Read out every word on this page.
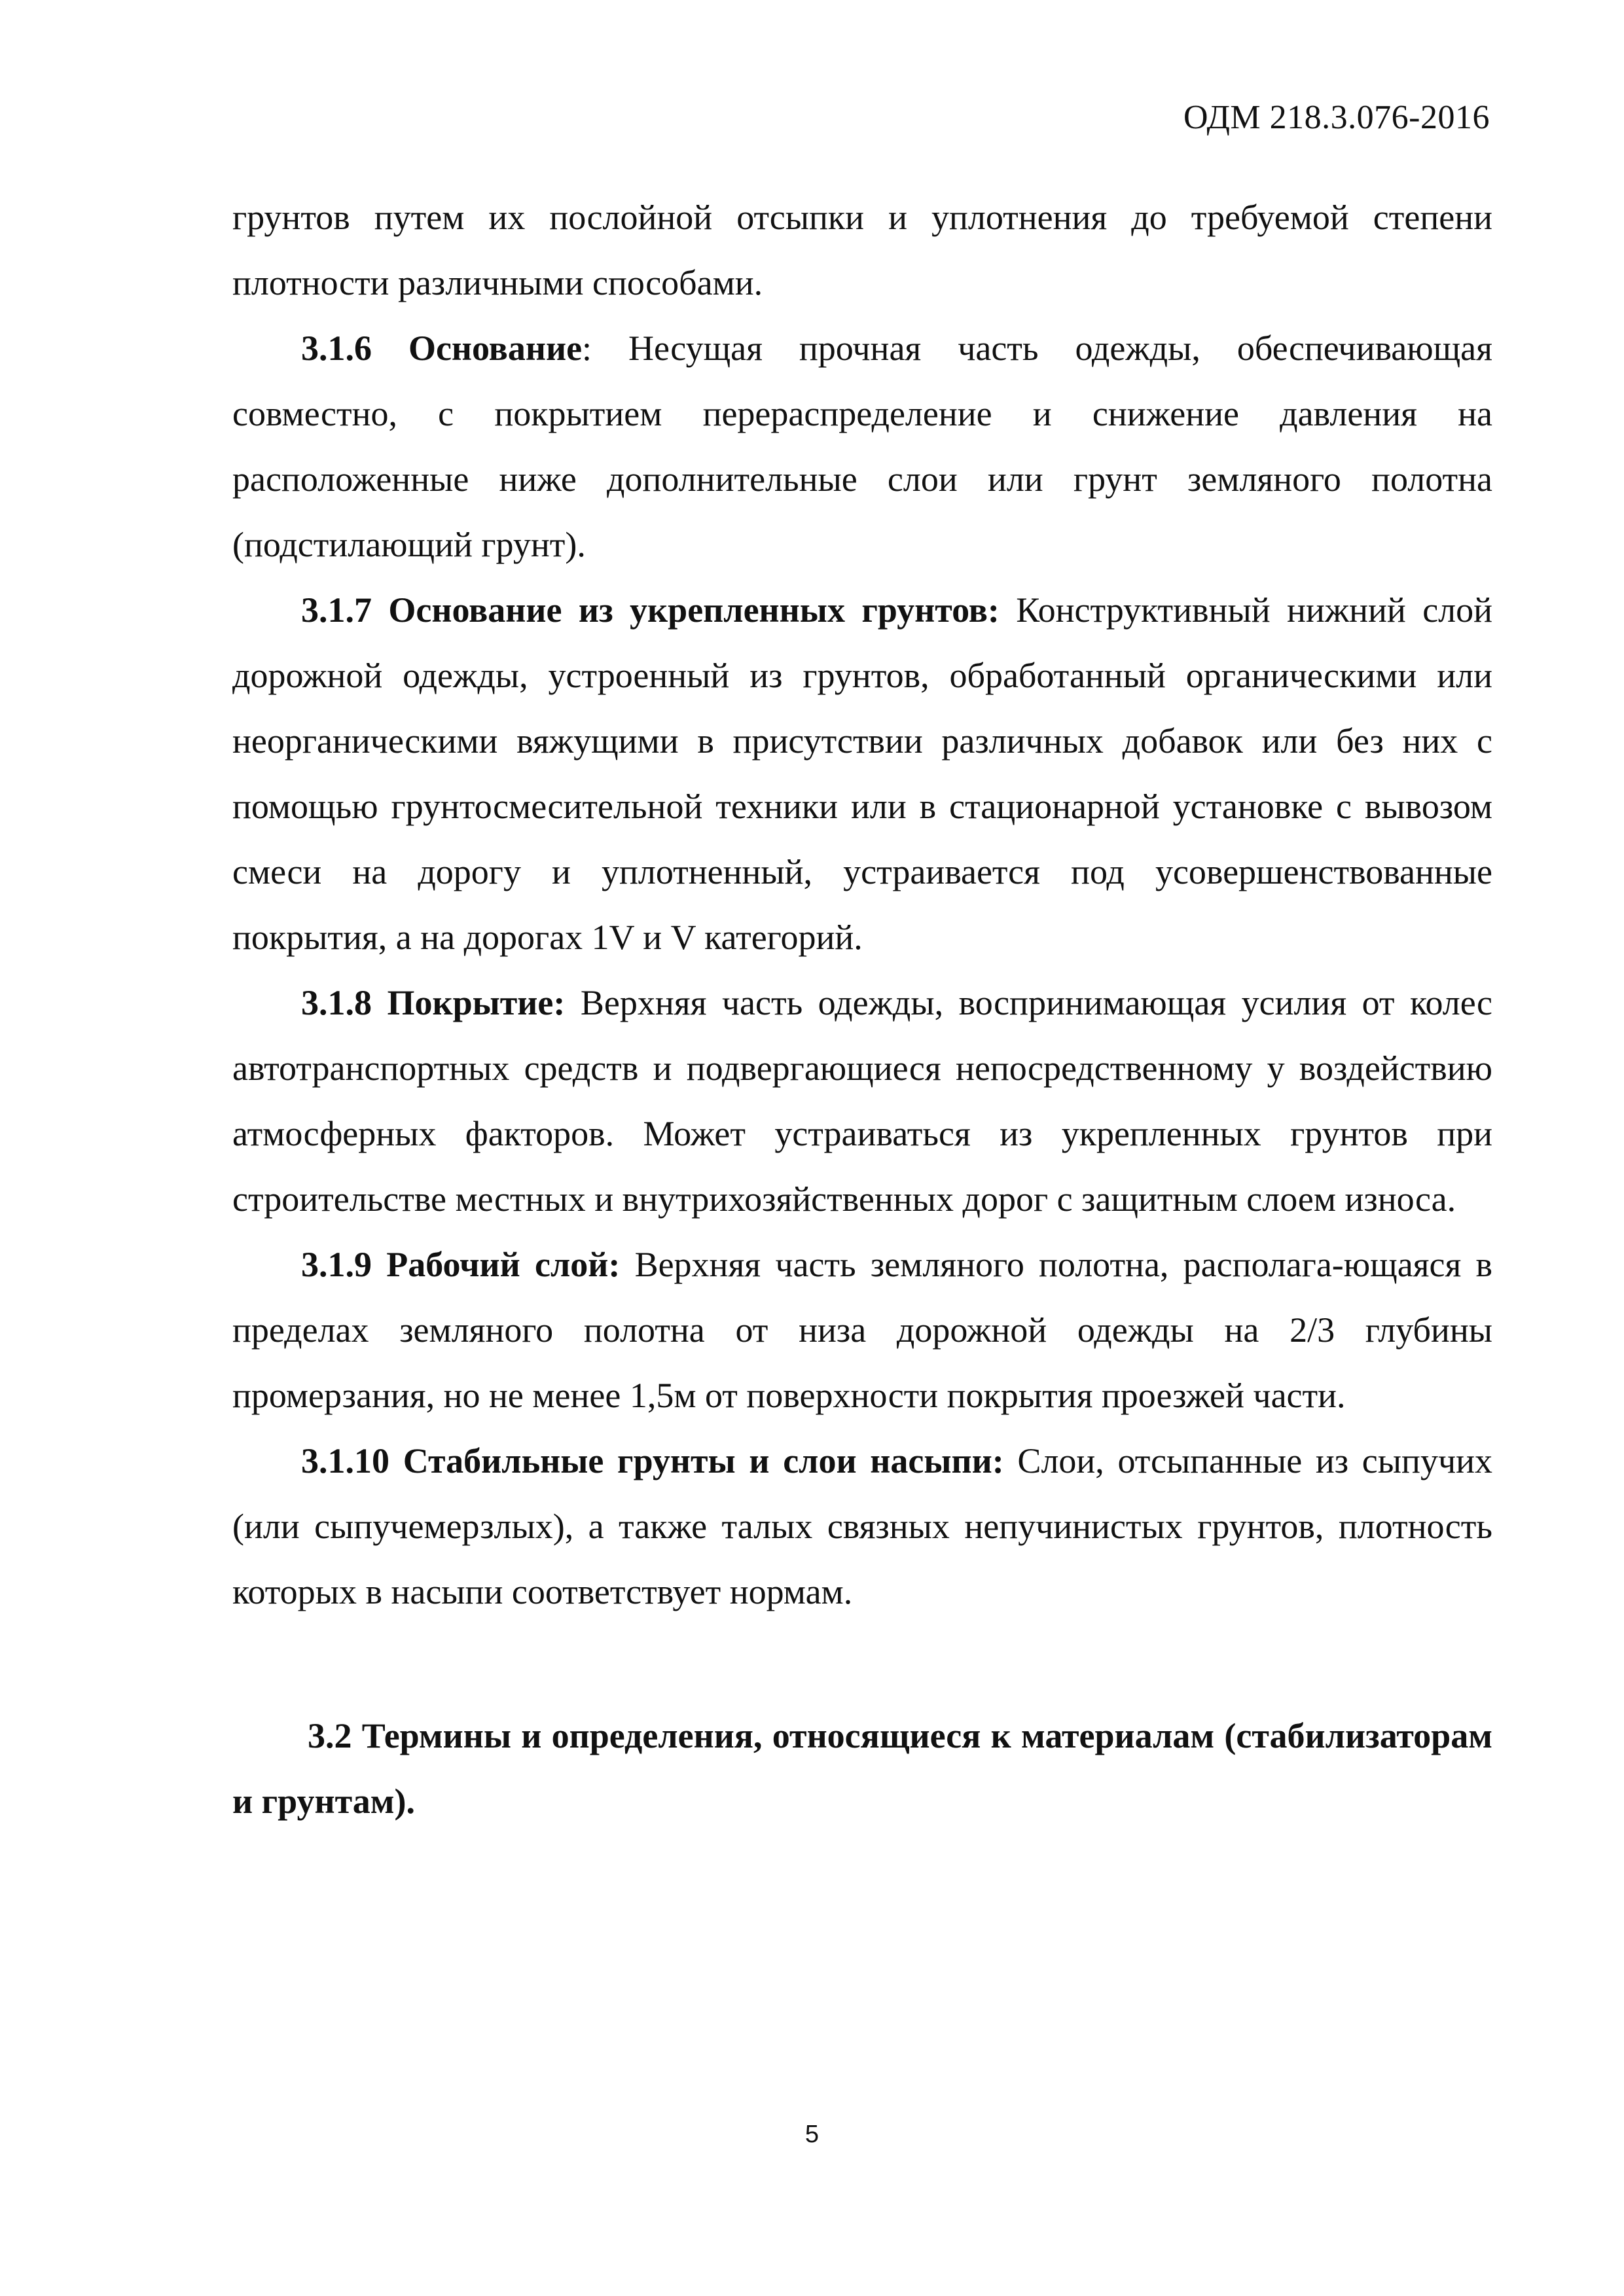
ОДМ 218.3.076-2016

грунтов путем их послойной отсыпки и уплотнения до требуемой степени плотности различными способами.

3.1.6 Основание: Несущая прочная часть одежды, обеспечивающая совместно, с покрытием перераспределение и снижение давления на расположенные ниже дополнительные слои или грунт земляного полотна (подстилающий грунт).

3.1.7 Основание из укрепленных грунтов: Конструктивный нижний слой дорожной одежды, устроенный из грунтов, обработанный органическими или неорганическими вяжущими в присутствии различных добавок или без них с помощью грунтосмесительной техники или в стационарной установке с вывозом смеси на дорогу и уплотненный, устраивается под усовершенствованные покрытия, а на дорогах 1V и V категорий.

3.1.8 Покрытие: Верхняя часть одежды, воспринимающая усилия от колес автотранспортных средств и подвергающиеся непосредственному у воздействию атмосферных факторов. Может устраиваться из укрепленных грунтов при строительстве местных и внутрихозяйственных дорог с защитным слоем износа.

3.1.9 Рабочий слой: Верхняя часть земляного полотна, располага-ющаяся в пределах земляного полотна от низа дорожной одежды на 2/3 глубины промерзания, но не менее 1,5м от поверхности покрытия проезжей части.

3.1.10 Стабильные грунты и слои насыпи: Слои, отсыпанные из сыпучих (или сыпучемерзлых), а также талых связных непучинистых грунтов, плотность которых в насыпи соответствует нормам.

3.2 Термины и определения, относящиеся к материалам (стабилизаторам и грунтам).

5
